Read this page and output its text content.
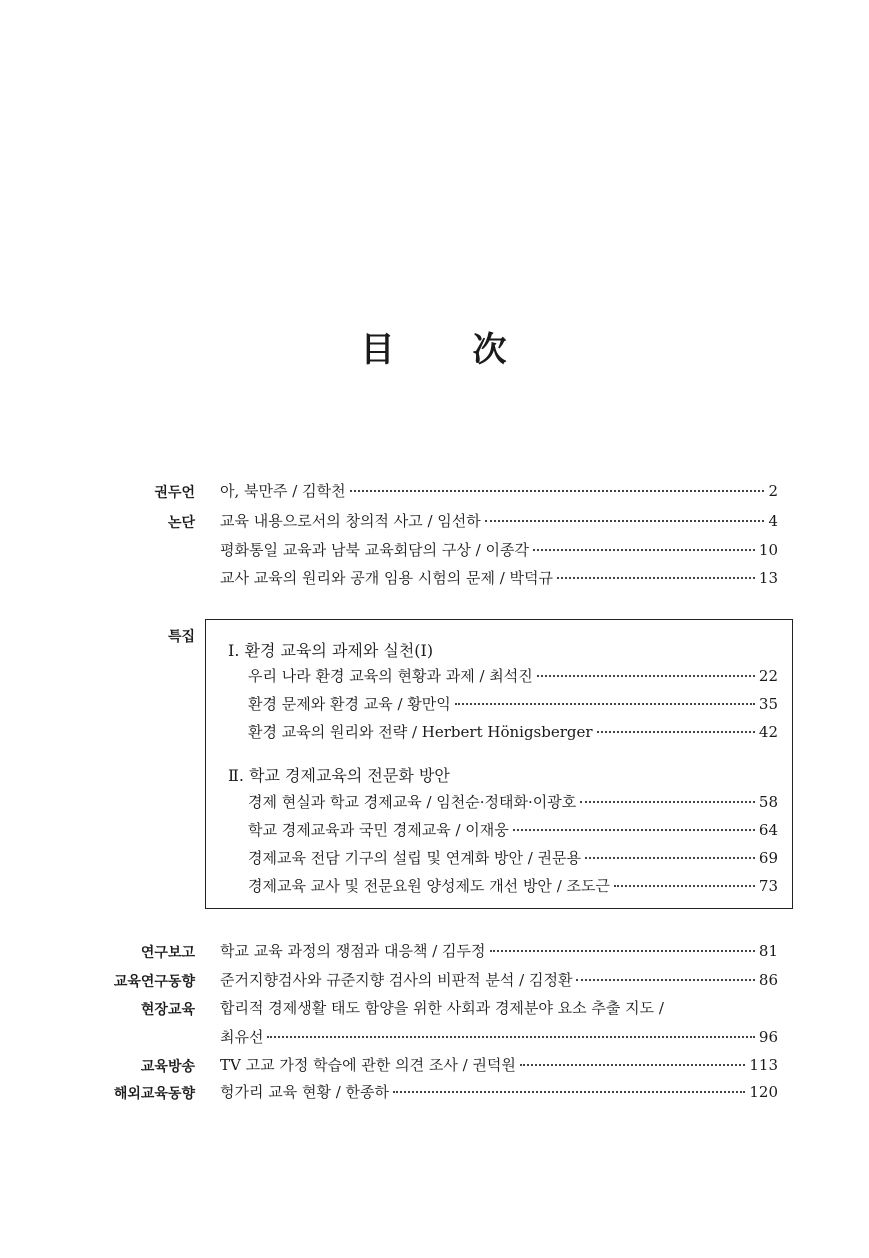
目 次
권두언 아, 북만주 / 김학천	2
논단 교육 내용으로서의 창의적 사고 / 임선하	4
평화통일 교육과 남북 교육회담의 구상 / 이종각	10
교사 교육의 원리와 공개 임용 시험의 문제 / 박덕규	13
특집
Ⅰ. 환경 교육의 과제와 실천(Ⅰ)
우리 나라 환경 교육의 현황과 과제 / 최석진	22
환경 문제와 환경 교육 / 황만익	35
환경 교육의 원리와 전략 / Herbert Hönigsberger	42
Ⅱ. 학교 경제교육의 전문화 방안
경제 현실과 학교 경제교육 / 임천순·정태화·이광호	58
학교 경제교육과 국민 경제교육 / 이재웅	64
경제교육 전담 기구의 설립 및 연계화 방안 / 권문용	69
경제교육 교사 및 전문요원 양성제도 개선 방안 / 조도근	73
연구보고 학교 교육 과정의 쟁점과 대응책 / 김두정	81
교육연구동향 준거지향검사와 규준지향 검사의 비판적 분석 / 김정환	86
현장교육 합리적 경제생활 태도 함양을 위한 사회과 경제분야 요소 추출 지도 /
최유선	96
교육방송 TV 고교 가정 학습에 관한 의견 조사 / 권덕원	113
해외교육동향 헝가리 교육 현황 / 한종하	120
